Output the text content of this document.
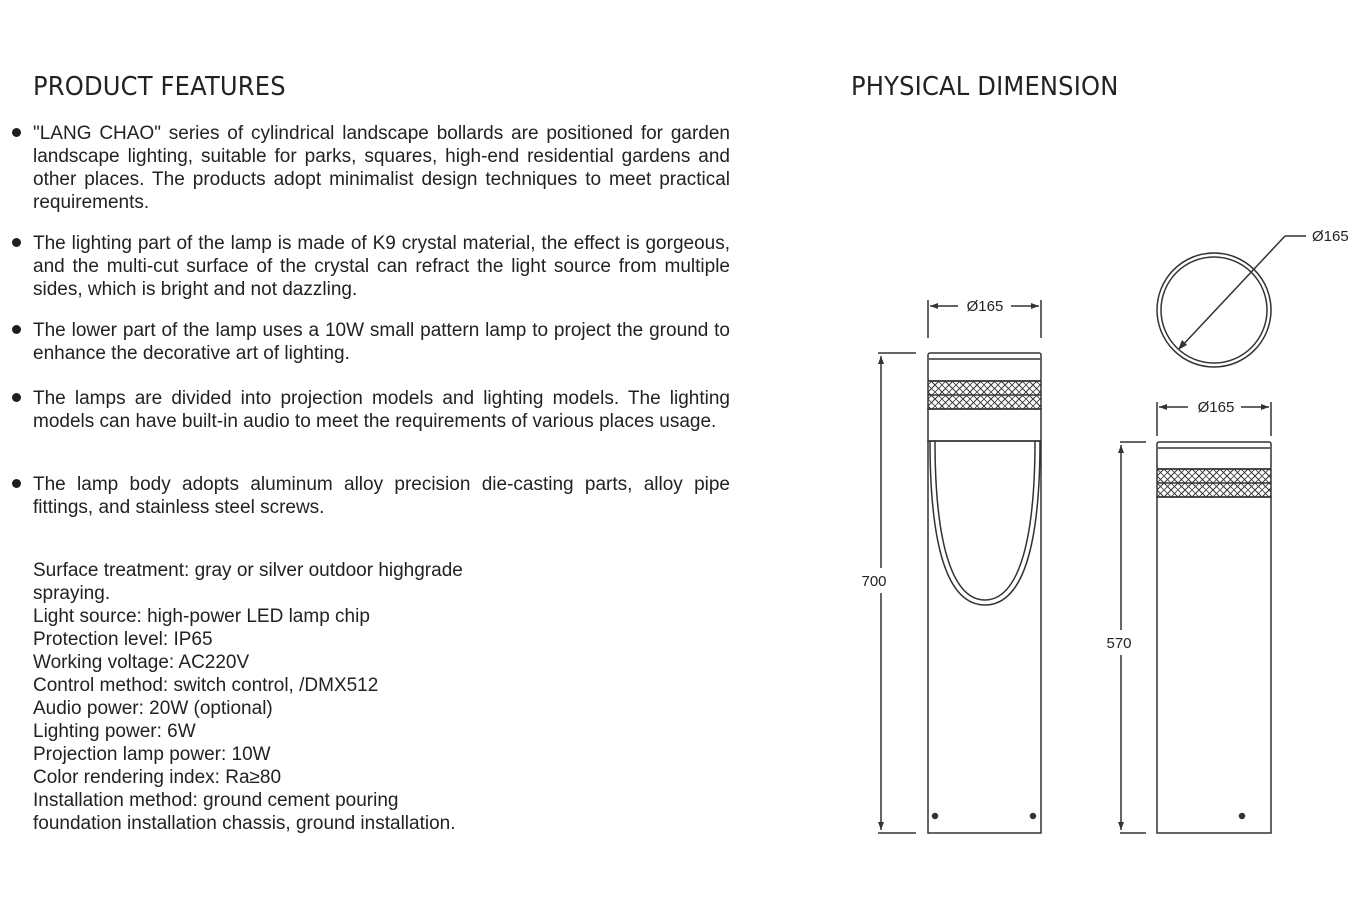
PRODUCT FEATURES	PHYSICAL DIMENSION
"LANG CHAO" series of cylindrical landscape bollards are positioned for garden landscape lighting, suitable for parks, squares, high-end residential gardens and other places. The products adopt minimalist design techniques to meet practical requirements.
The lighting part of the lamp is made of K9 crystal material, the effect is gorgeous, and the multi-cut surface of the crystal can refract the light source from multiple sides, which is bright and not dazzling.
The lower part of the lamp uses a 10W small pattern lamp to project the ground to enhance the decorative art of lighting.
The lamps are divided into projection models and lighting models. The lighting models can have built-in audio to meet the requirements of various places usage.
The lamp body adopts aluminum alloy precision die-casting parts, alloy pipe fittings, and stainless steel screws.
Surface treatment: gray or silver outdoor highgrade
spraying.
Light source: high-power LED lamp chip
Protection level: IP65
Working voltage: AC220V
Control method: switch control, /DMX512
Audio power: 20W (optional)
Lighting power: 6W
Projection lamp power: 10W
Color rendering index: Ra≥80
Installation method: ground cement pouring
foundation installation chassis, ground installation.
Ø165
700
Ø165
Ø165
570
